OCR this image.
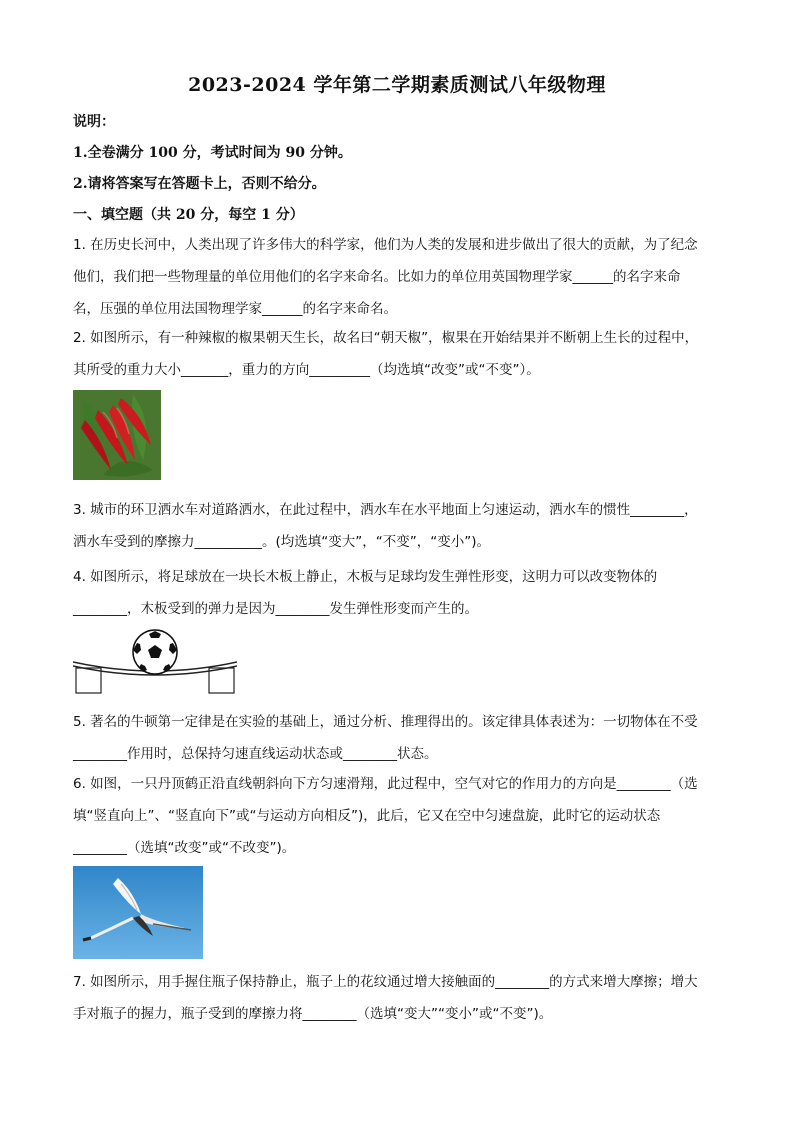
2023-2024 学年第二学期素质测试八年级物理
说明：
1.全卷满分 100 分，考试时间为 90 分钟。
2.请将答案写在答题卡上，否则不给分。
一、填空题（共 20 分，每空 1 分）
1. 在历史长河中，人类出现了许多伟大的科学家，他们为人类的发展和进步做出了很大的贡献，为了纪念
他们，我们把一些物理量的单位用他们的名字来命名。比如力的单位用英国物理学家______的名字来命
名，压强的单位用法国物理学家______的名字来命名。
2. 如图所示，有一种辣椒的椒果朝天生长，故名曰“朝天椒”，椒果在开始结果并不断朝上生长的过程中，
其所受的重力大小_______，重力的方向_________（均选填“改变”或“不变”）。
3. 城市的环卫洒水车对道路洒水，在此过程中，洒水车在水平地面上匀速运动，洒水车的惯性________，
洒水车受到的摩擦力__________。(均选填“变大”，“不变”，“变小”)。
4. 如图所示，将足球放在一块长木板上静止，木板与足球均发生弹性形变，这明力可以改变物体的
________，木板受到的弹力是因为________发生弹性形变而产生的。
5. 著名的牛顿第一定律是在实验的基础上，通过分析、推理得出的。该定律具体表述为：一切物体在不受
________作用时，总保持匀速直线运动状态或________状态。
6. 如图，一只丹顶鹤正沿直线朝斜向下方匀速滑翔，此过程中，空气对它的作用力的方向是________（选
填“竖直向上”、“竖直向下”或“与运动方向相反”)，此后，它又在空中匀速盘旋，此时它的运动状态
________（选填“改变”或“不改变”)。
7. 如图所示，用手握住瓶子保持静止，瓶子上的花纹通过增大接触面的________的方式来增大摩擦；增大
手对瓶子的握力，瓶子受到的摩擦力将________（选填“变大”“变小”或“不变”)。
